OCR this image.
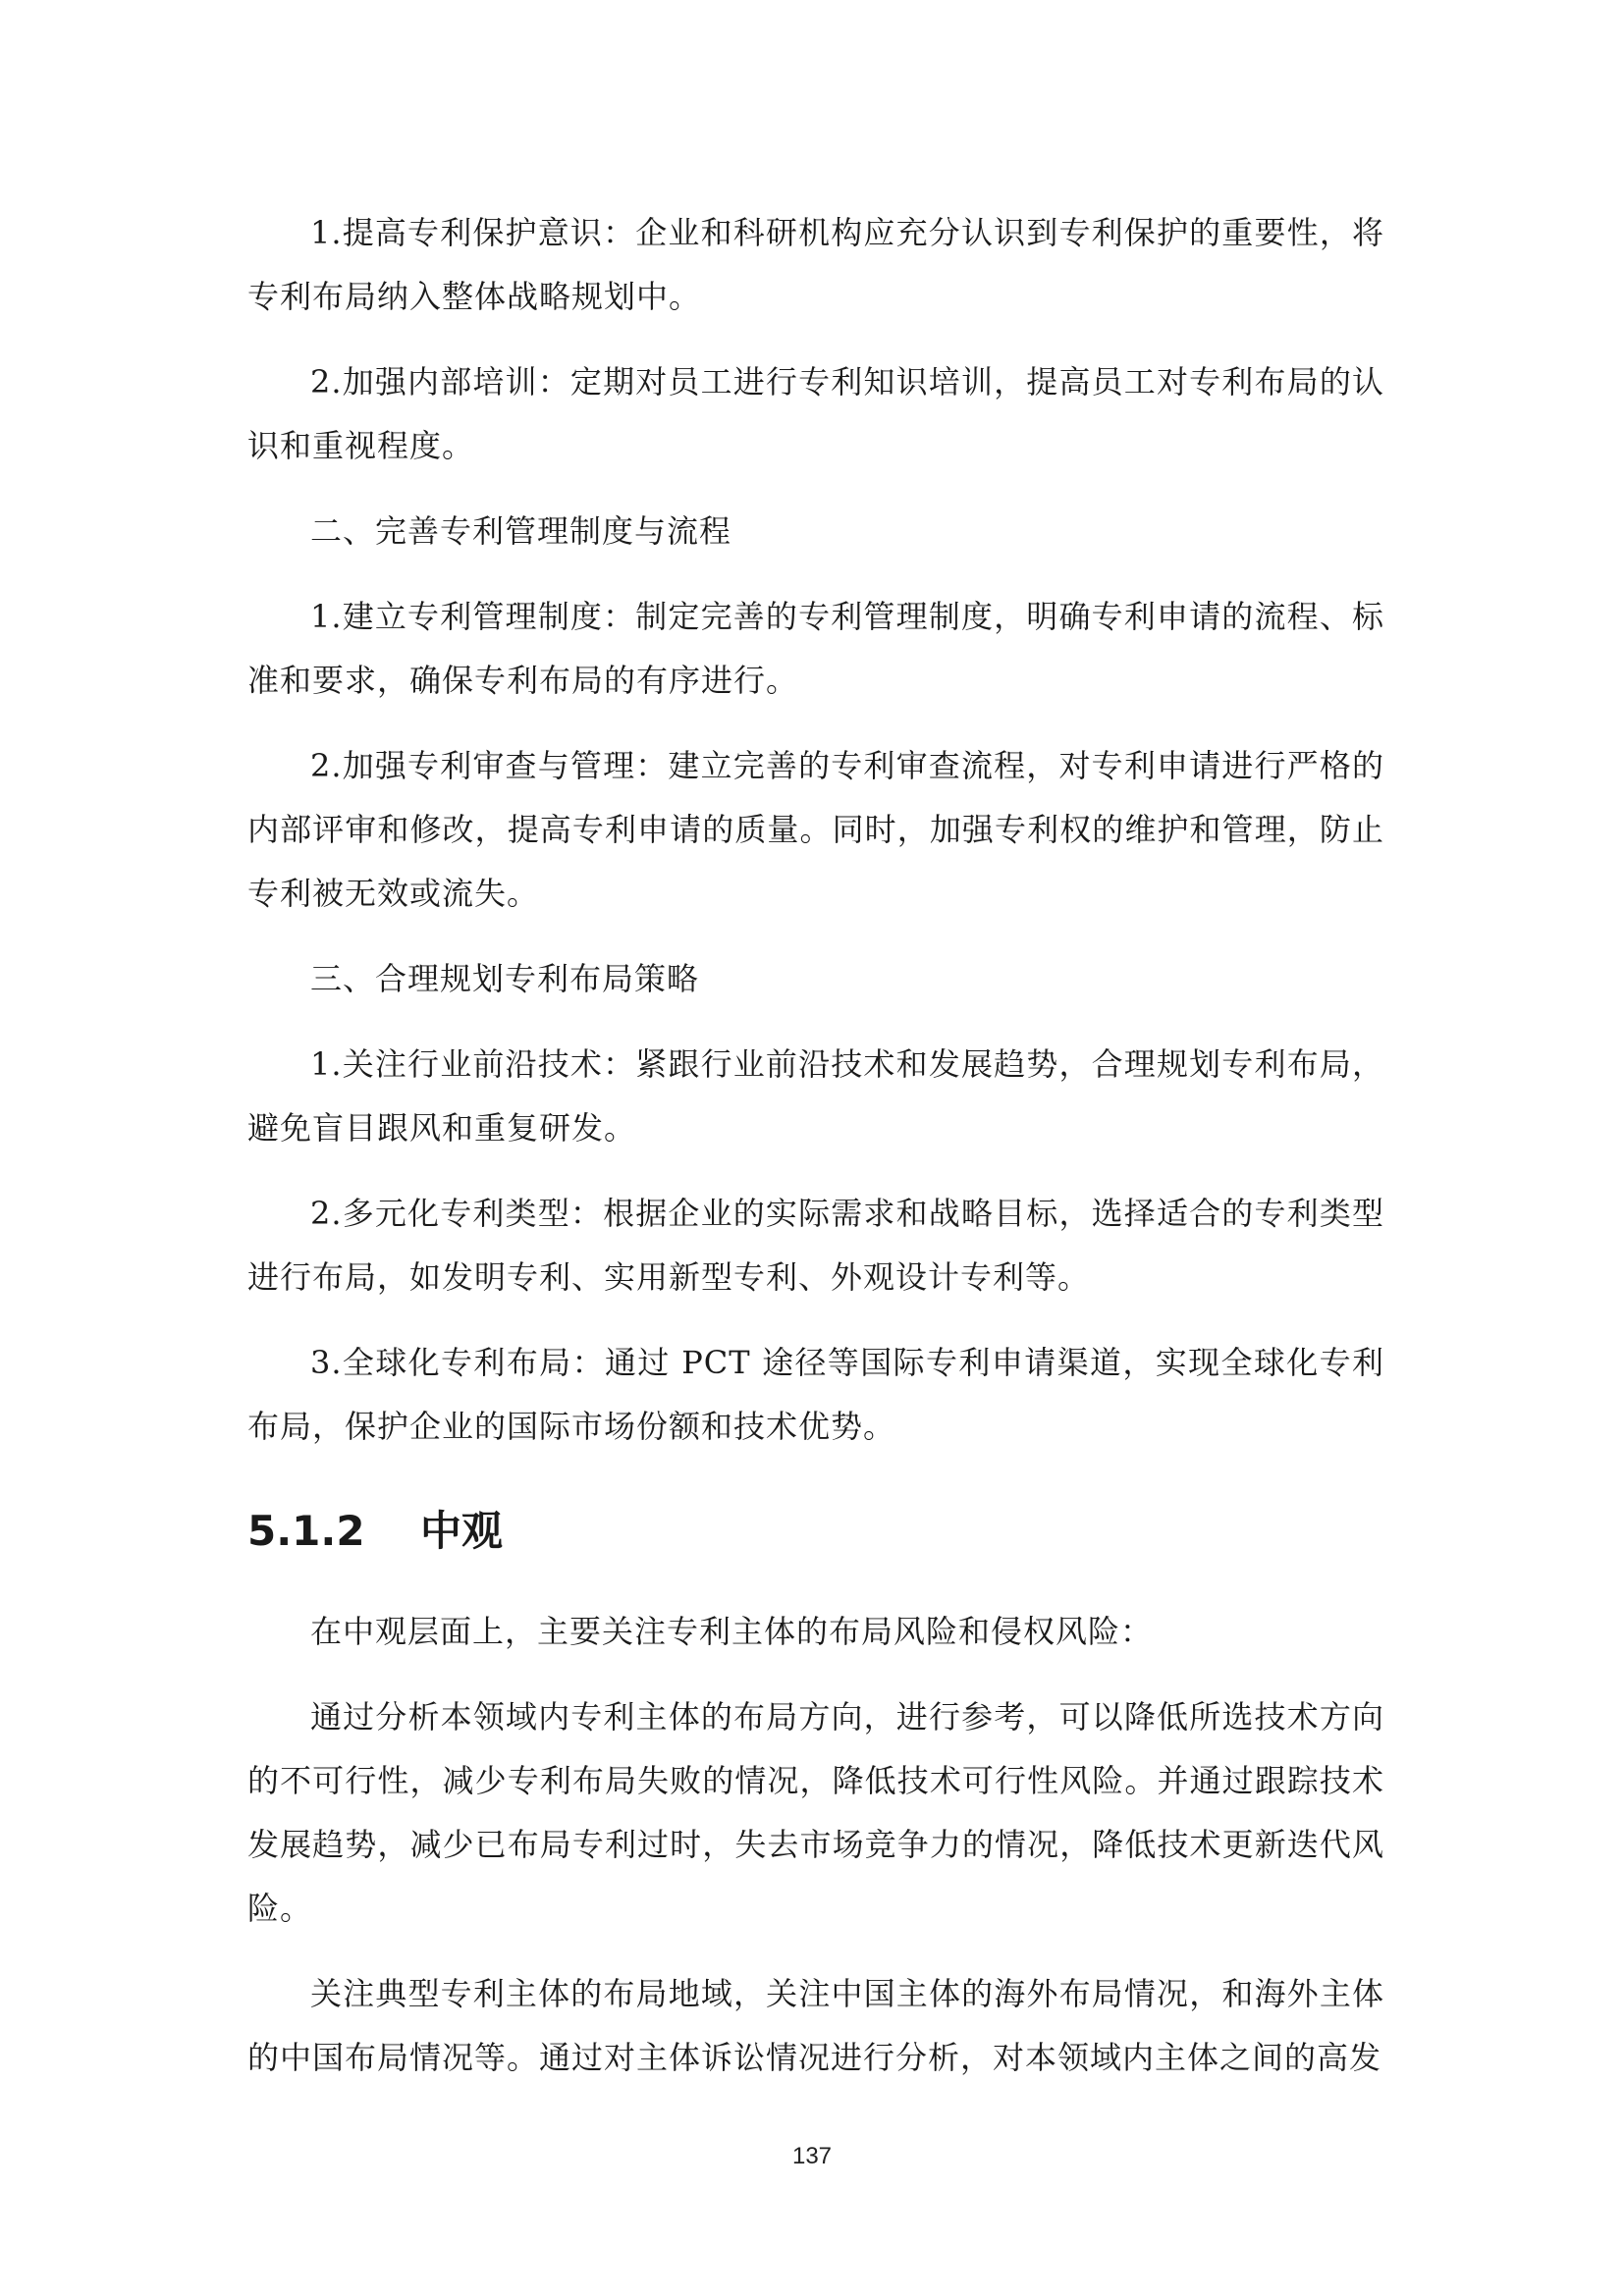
1.提高专利保护意识：企业和科研机构应充分认识到专利保护的重要性，将专利布局纳入整体战略规划中。

2.加强内部培训：定期对员工进行专利知识培训，提高员工对专利布局的认识和重视程度。

二、完善专利管理制度与流程

1.建立专利管理制度：制定完善的专利管理制度，明确专利申请的流程、标准和要求，确保专利布局的有序进行。

2.加强专利审查与管理：建立完善的专利审查流程，对专利申请进行严格的内部评审和修改，提高专利申请的质量。同时，加强专利权的维护和管理，防止专利被无效或流失。

三、合理规划专利布局策略

1.关注行业前沿技术：紧跟行业前沿技术和发展趋势，合理规划专利布局，避免盲目跟风和重复研发。

2.多元化专利类型：根据企业的实际需求和战略目标，选择适合的专利类型进行布局，如发明专利、实用新型专利、外观设计专利等。

3.全球化专利布局：通过 PCT 途径等国际专利申请渠道，实现全球化专利布局，保护企业的国际市场份额和技术优势。

5.1.2	中观

在中观层面上，主要关注专利主体的布局风险和侵权风险：

通过分析本领域内专利主体的布局方向，进行参考，可以降低所选技术方向的不可行性，减少专利布局失败的情况，降低技术可行性风险。并通过跟踪技术发展趋势，减少已布局专利过时，失去市场竞争力的情况，降低技术更新迭代风险。

关注典型专利主体的布局地域，关注中国主体的海外布局情况，和海外主体的中国布局情况等。通过对主体诉讼情况进行分析，对本领域内主体之间的高发

137
